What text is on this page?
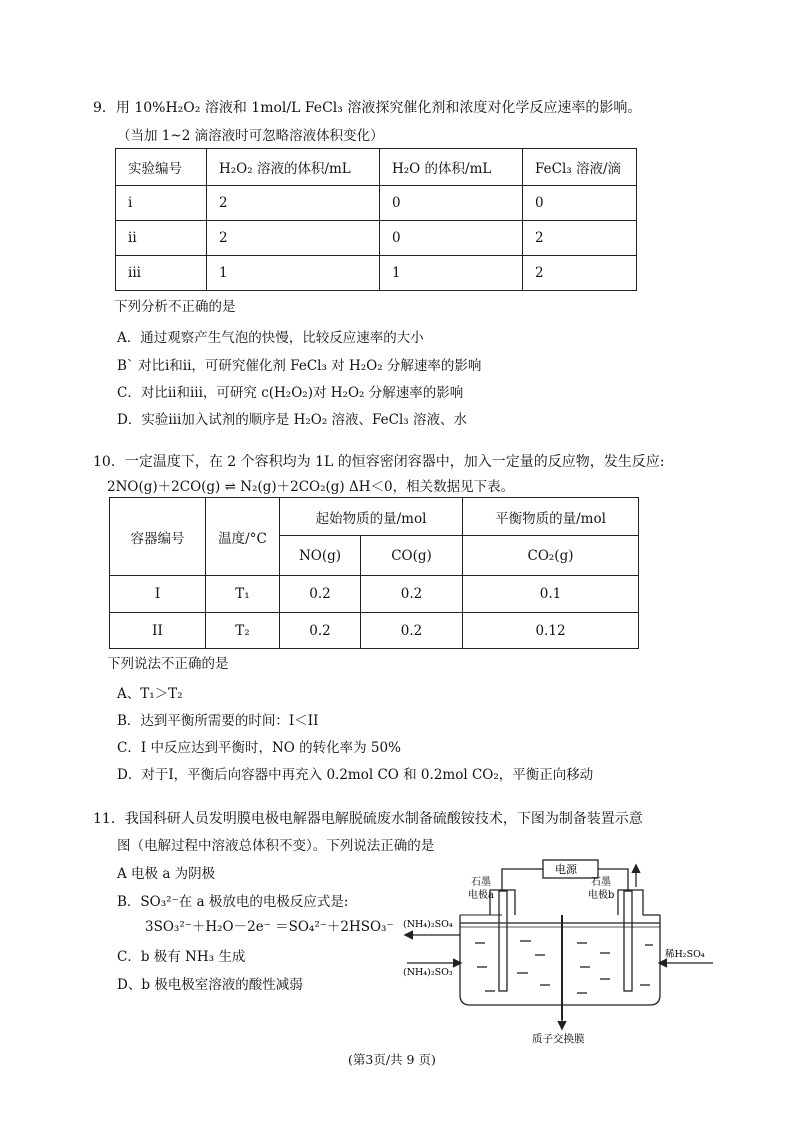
9．用 10%H₂O₂ 溶液和 1mol/L FeCl₃ 溶液探究催化剂和浓度对化学反应速率的影响。
（当加 1~2 滴溶液时可忽略溶液体积变化）
实验编号	H₂O₂ 溶液的体积/mL	H₂O 的体积/mL	FeCl₃ 溶液/滴
i	2	0	0
ii	2	0	2
iii	1	1	2
下列分析不正确的是
A．通过观察产生气泡的快慢，比较反应速率的大小
B` 对比i和ii，可研究催化剂 FeCl₃ 对 H₂O₂ 分解速率的影响
C．对比ii和iii，可研究 c(H₂O₂)对 H₂O₂ 分解速率的影响
D．实验iii加入试剂的顺序是 H₂O₂ 溶液、FeCl₃ 溶液、水
10．一定温度下，在 2 个容积均为 1L 的恒容密闭容器中，加入一定量的反应物，发生反应:
2NO(g)＋2CO(g) ⇌ N₂(g)＋2CO₂(g) ΔH＜0，相关数据见下表。
容器编号	温度/°C	起始物质的量/mol		平衡物质的量/mol
		NO(g)	CO(g)	CO₂(g)
I	T₁	0.2	0.2	0.1
II	T₂	0.2	0.2	0.12
下列说法不正确的是
A、T₁＞T₂
B．达到平衡所需要的时间：I＜II
C．I 中反应达到平衡时，NO 的转化率为 50%
D．对于I，平衡后向容器中再充入 0.2mol CO 和 0.2mol CO₂，平衡正向移动
11．我国科研人员发明膜电极电解器电解脱硫废水制备硫酸铵技术，下图为制备装置示意
图（电解过程中溶液总体积不变）。下列说法正确的是
A 电极 a 为阴极
B．SO₃²⁻在 a 极放电的电极反应式是:
3SO₃²⁻＋H₂O－2e⁻ ＝SO₄²⁻＋2HSO₃⁻
C．b 极有 NH₃ 生成
D、b 极电极室溶液的酸性减弱
电源
石墨
电极a
石墨
电极b
(NH₄)₂SO₄
(NH₄)₂SO₃
稀H₂SO₄
质子交换膜
(第3页/共 9 页)
